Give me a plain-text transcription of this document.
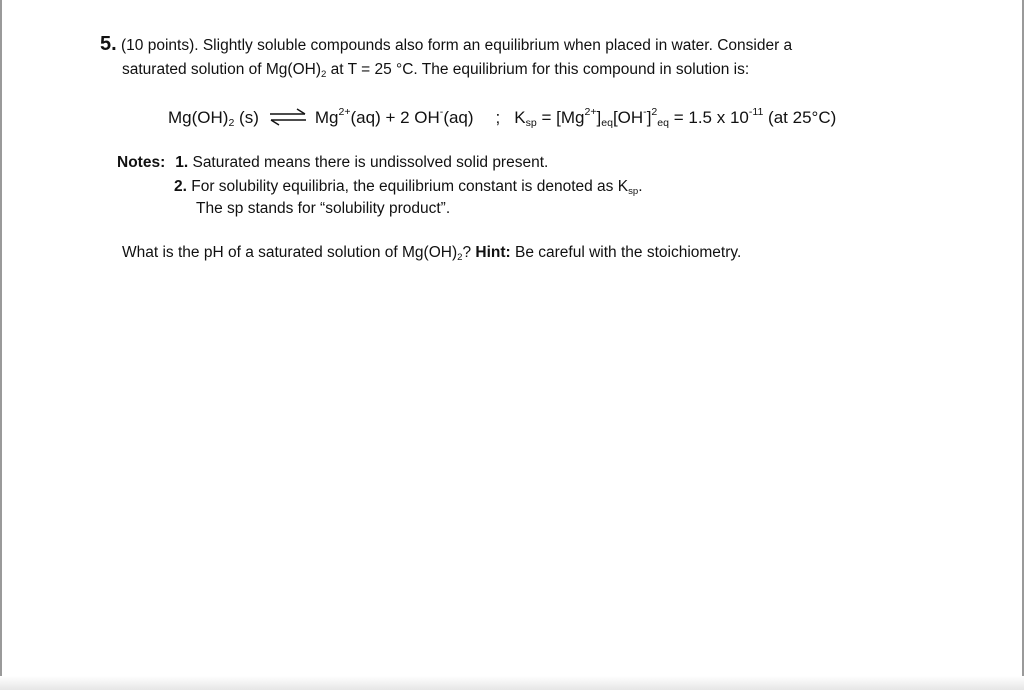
5. (10 points). Slightly soluble compounds also form an equilibrium when placed in water. Consider a
saturated solution of $Mg(OH)_2$ at T = 25 °C. The equilibrium for this compound in solution is:
$Mg(OH)_2$ (s) ⇌ $Mg^{2+}(aq) + 2$ OH-(aq) ; $K_{sp} = [Mg^{2+}]_{eq}[OH^-]^2_{eq} = 1.5$ x $10^{-11}$ (at 25°C)
Notes: 1. Saturated means there is undissolved solid present.
2. For solubility equilibria, the equilibrium constant is denoted as $K_{sp}$.
The sp stands for “solubility product”.
What is the pH of a saturated solution of $Mg(OH)_2$? Hint: Be careful with the stoichiometry.
